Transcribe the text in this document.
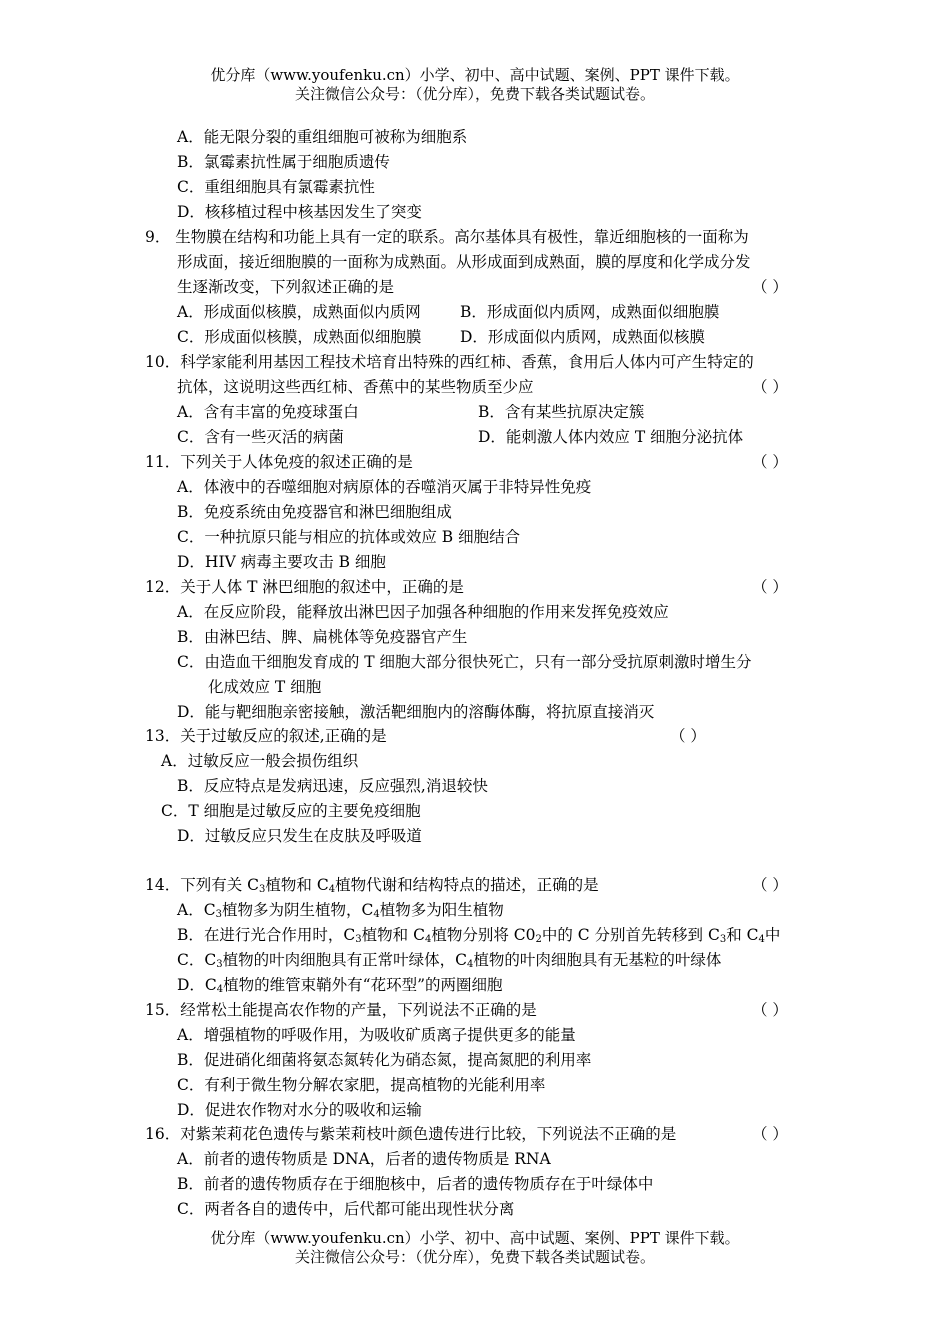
优分库（www.youfenku.cn）小学、初中、高中试题、案例、PPT 课件下载。
关注微信公众号：（优分库），免费下载各类试题试卷。
A．能无限分裂的重组细胞可被称为细胞系
B．氯霉素抗性属于细胞质遗传
C．重组细胞具有氯霉素抗性
D．核移植过程中核基因发生了突变
9． 生物膜在结构和功能上具有一定的联系。高尔基体具有极性，靠近细胞核的一面称为
形成面，接近细胞膜的一面称为成熟面。从形成面到成熟面，膜的厚度和化学成分发
生逐渐改变，下列叙述正确的是	（ ）
A．形成面似核膜，成熟面似内质网	B．形成面似内质网，成熟面似细胞膜
C．形成面似核膜，成熟面似细胞膜 D．形成面似内质网，成熟面似核膜
10．科学家能利用基因工程技术培育出特殊的西红柿、香蕉，食用后人体内可产生特定的
抗体，这说明这些西红柿、香蕉中的某些物质至少应	（ ）
A．含有丰富的免疫球蛋白	B．含有某些抗原决定簇
C．含有一些灭活的病菌	D．能刺激人体内效应 T 细胞分泌抗体
11．下列关于人体免疫的叙述正确的是	（ ）
A．体液中的吞噬细胞对病原体的吞噬消灭属于非特异性免疫
B．免疫系统由免疫器官和淋巴细胞组成
C．一种抗原只能与相应的抗体或效应 B 细胞结合
D．HIV 病毒主要攻击 B 细胞
12．关于人体 T 淋巴细胞的叙述中，正确的是	（ ）
A．在反应阶段，能释放出淋巴因子加强各种细胞的作用来发挥免疫效应
B．由淋巴结、脾、扁桃体等免疫器官产生
C．由造血干细胞发育成的 T 细胞大部分很快死亡，只有一部分受抗原刺激时增生分
化成效应 T 细胞
D．能与靶细胞亲密接触，激活靶细胞内的溶酶体酶，将抗原直接消灭
13．关于过敏反应的叙述,正确的是	（ ）
A．过敏反应一般会损伤组织
B．反应特点是发病迅速，反应强烈,消退较快
C．T 细胞是过敏反应的主要免疫细胞
D．过敏反应只发生在皮肤及呼吸道
14．下列有关 $C_3$植物和 $C_4$植物代谢和结构特点的描述，正确的是	（ ）
A．$C_3$植物多为阴生植物，$C_4$植物多为阳生植物
B．在进行光合作用时，$C_3$植物和 $C_4$植物分别将 $C0_2$中的 C 分别首先转移到 $C_3$和 $C_4$中
C．$C_3$植物的叶肉细胞具有正常叶绿体，$C_4$植物的叶肉细胞具有无基粒的叶绿体
D．$C_4$植物的维管束鞘外有“花环型”的两圈细胞
15．经常松土能提高农作物的产量，下列说法不正确的是	（ ）
A．增强植物的呼吸作用，为吸收矿质离子提供更多的能量
B．促进硝化细菌将氨态氮转化为硝态氮，提高氮肥的利用率
C．有利于微生物分解农家肥，提高植物的光能利用率
D．促进农作物对水分的吸收和运输
16．对紫茉莉花色遗传与紫茉莉枝叶颜色遗传进行比较，下列说法不正确的是	（ ）
A．前者的遗传物质是 DNA，后者的遗传物质是 RNA
B．前者的遗传物质存在于细胞核中，后者的遗传物质存在于叶绿体中
C．两者各自的遗传中，后代都可能出现性状分离
优分库（www.youfenku.cn）小学、初中、高中试题、案例、PPT 课件下载。
关注微信公众号：（优分库），免费下载各类试题试卷。
